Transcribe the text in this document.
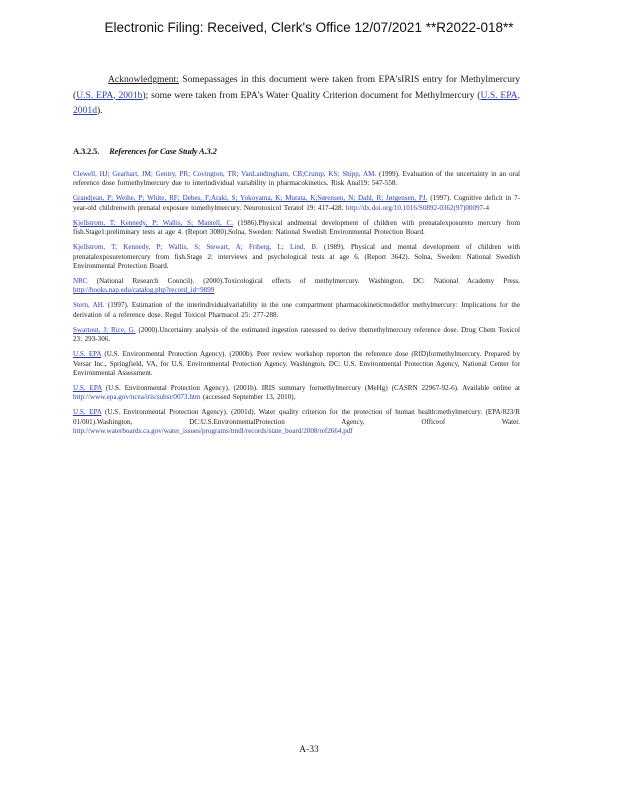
Electronic Filing: Received, Clerk's Office 12/07/2021 **R2022-018**
Acknowledgment: Somepassages in this document were taken from EPA'sIRIS entry for Methylmercury (U.S. EPA, 2001b); some were taken from EPA's Water Quality Criterion document for Methylmercury (U.S. EPA, 2001d).
A.3.2.5. References for Case Study A.3.2
Clewell, HJ; Gearhart, JM; Gentry, PR; Covington, TR; VanLandingham, CB;Crump, KS; Shipp, AM. (1999). Evaluation of the uncertainty in an oral reference dose formethylmercury due to interindividual variability in pharmacokinetics. Risk Anal19: 547-558.
Grandjean, P; Weihe, P; White, RF; Debes, F;Araki, S; Yokoyama, K; Murata, K;Sørensen, N; Dahl, R; Jørgensen, PJ. (1997). Cognitive deficit in 7-year-old childrenwith prenatal exposure tomethylmercury. Neurotoxicol Teratol 19: 417-428. http://dx.doi.org/10.1016/S0892-0362(97)00097-4
Kjellstrom, T; Kennedy, P; Wallis, S; Mantell, C. (1986).Physical andmental development of children with prenatalexposureto mercury from fish.Stage1:preliminary tests at age 4. (Report 3080).Solna, Sweden: National Swedish Environmental Protection Board.
Kjellstrom, T; Kennedy, P; Wallis, S; Stewart, A; Friberg, L; Lind, B. (1989). Physical and mental development of children with prenatalexposuretomercury from fish.Stage 2: interviews and psychological tests at age 6. (Report 3642). Solna, Sweden: National Swedish Environmental Protection Board.
NRC (National Research Council). (2000).Toxicological effects of methylmercury. Washington, DC: National Academy Press. http://books.nap.edu/catalog.php?record_id=9899
Stern, AH. (1997). Estimation of the interindividualvariability in the one compartment pharmacokineticmodelfor methylmercury: Implications for the derivation of a reference dose. Regul Toxicol Pharmacol 25: 277-288.
Swartout, J; Rice, G. (2000).Uncertainty analysis of the estimated ingestion ratesused to derive themethylmercury reference dose. Drug Chem Toxicol 23: 293-306.
U.S. EPA (U.S. Environmental Protection Agency). (2000b). Peer review workshop reporton the reference dose (RfD)formethylmercury. Prepared by Versar Inc., Springfield, VA, for U.S. Environmental Protection Agency. Washington, DC: U.S. Environmental Protection Agency, National Center for Environmental Assessment.
U.S. EPA (U.S. Environmental Protection Agency). (2001b). IRIS summary formethylmercury (MeHg) (CASRN 22967-92-6). Available online at http://www.epa.gov/ncea/iris/subst/0073.htm (accessed September 13, 2010).
U.S. EPA (U.S. Environmental Protection Agency). (2001d). Water quality criterion for the protection of human health:methylmercury. (EPA/823/R 01/001).Washington, DC:U.S.EnvironmentalProtection Agency, Officeof Water. http://www.waterboards.ca.gov/water_issues/programs/tmdl/records/state_board/2008/ref2664.pdf
A-33
